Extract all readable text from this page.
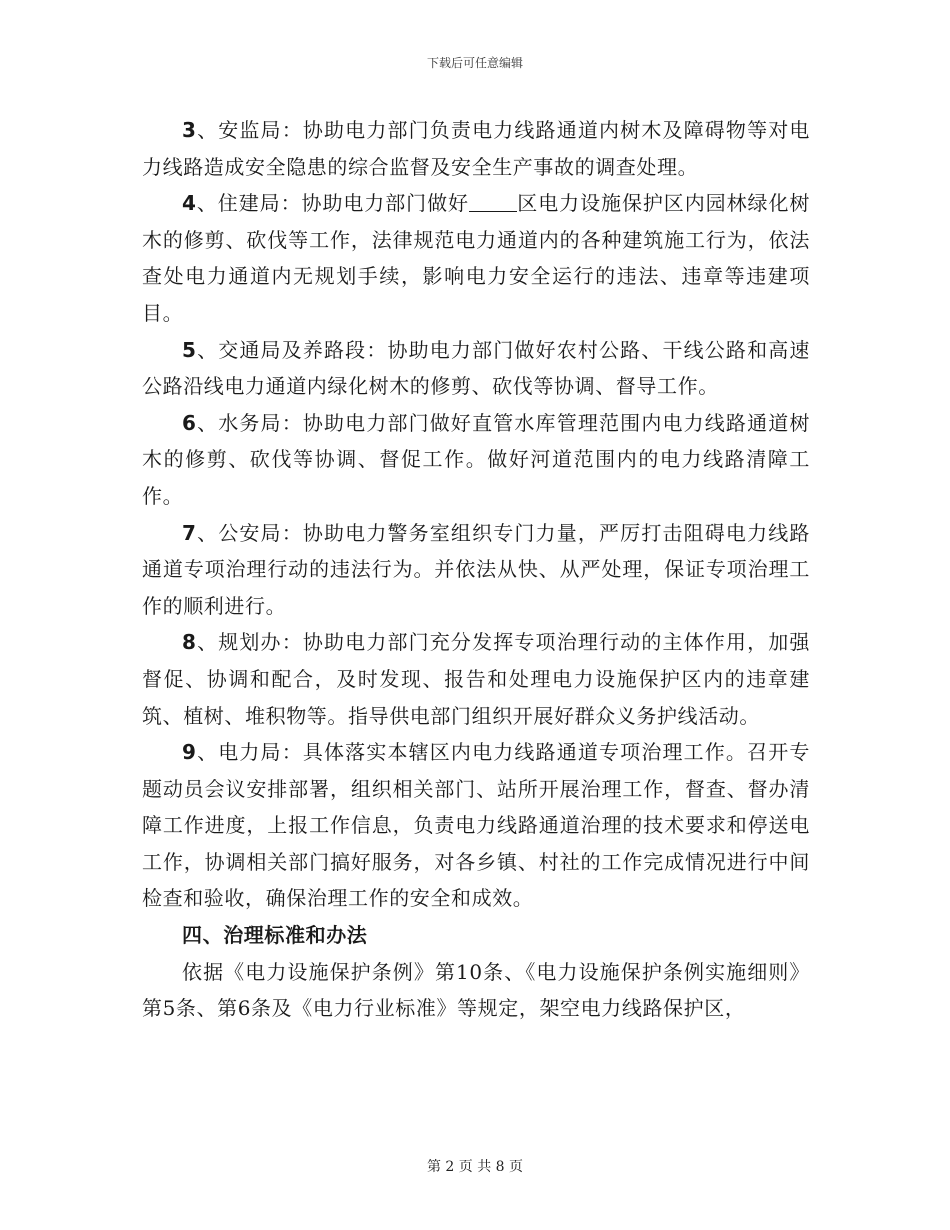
下载后可任意编辑

3、安监局：协助电力部门负责电力线路通道内树木及障碍物等对电力线路造成安全隐患的综合监督及安全生产事故的调查处理。

4、住建局：协助电力部门做好 区电力设施保护区内园林绿化树木的修剪、砍伐等工作，法律规范电力通道内的各种建筑施工行为，依法查处电力通道内无规划手续，影响电力安全运行的违法、违章等违建项目。

5、交通局及养路段：协助电力部门做好农村公路、干线公路和高速公路沿线电力通道内绿化树木的修剪、砍伐等协调、督导工作。

6、水务局：协助电力部门做好直管水库管理范围内电力线路通道树木的修剪、砍伐等协调、督促工作。做好河道范围内的电力线路清障工作。

7、公安局：协助电力警务室组织专门力量，严厉打击阻碍电力线路通道专项治理行动的违法行为。并依法从快、从严处理，保证专项治理工作的顺利进行。

8、规划办：协助电力部门充分发挥专项治理行动的主体作用，加强督促、协调和配合，及时发现、报告和处理电力设施保护区内的违章建筑、植树、堆积物等。指导供电部门组织开展好群众义务护线活动。

9、电力局：具体落实本辖区内电力线路通道专项治理工作。召开专题动员会议安排部署，组织相关部门、站所开展治理工作，督查、督办清障工作进度，上报工作信息，负责电力线路通道治理的技术要求和停送电工作，协调相关部门搞好服务，对各乡镇、村社的工作完成情况进行中间检查和验收，确保治理工作的安全和成效。

四、治理标准和办法

依据《电力设施保护条例》第10条、《电力设施保护条例实施细则》第5条、第6条及《电力行业标准》等规定，架空电力线路保护区，

第 2 页 共 8 页
